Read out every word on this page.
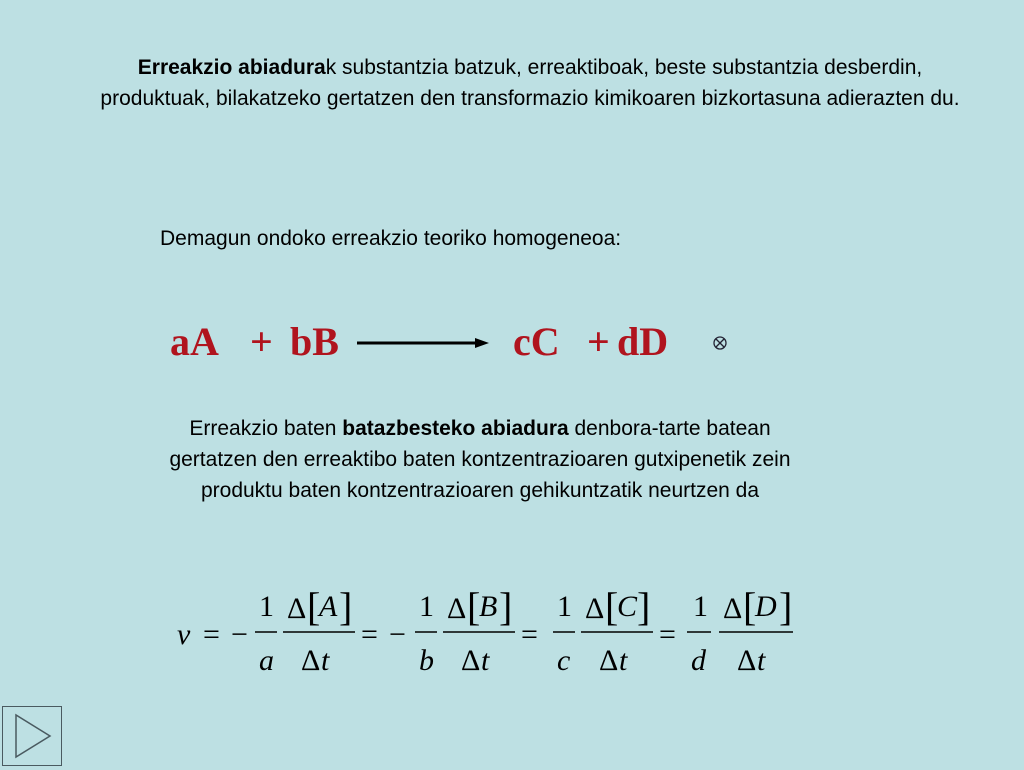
Erreakzio abiadurak substantzia batzuk, erreaktiboak, beste substantzia desberdin, produktuak, bilakatzeko gertatzen den transformazio kimikoaren bizkortasuna adierazten du.
Demagun ondoko erreakzio teoriko homogeneoa:
aA + bB	cC + dD
Erreakzio baten batazbesteko abiadura denbora-tarte batean gertatzen den erreaktibo baten kontzentrazioaren gutxipenetik zein produktu baten kontzentrazioaren gehikuntzatik neurtzen da
v = −
1
a
Δ [
A ]
Δ t
= −
1
b
Δ [
B ]
Δ t
=
1
c
Δ [
C ]
Δ t
=
1
d
Δ [
D ]
Δ t
